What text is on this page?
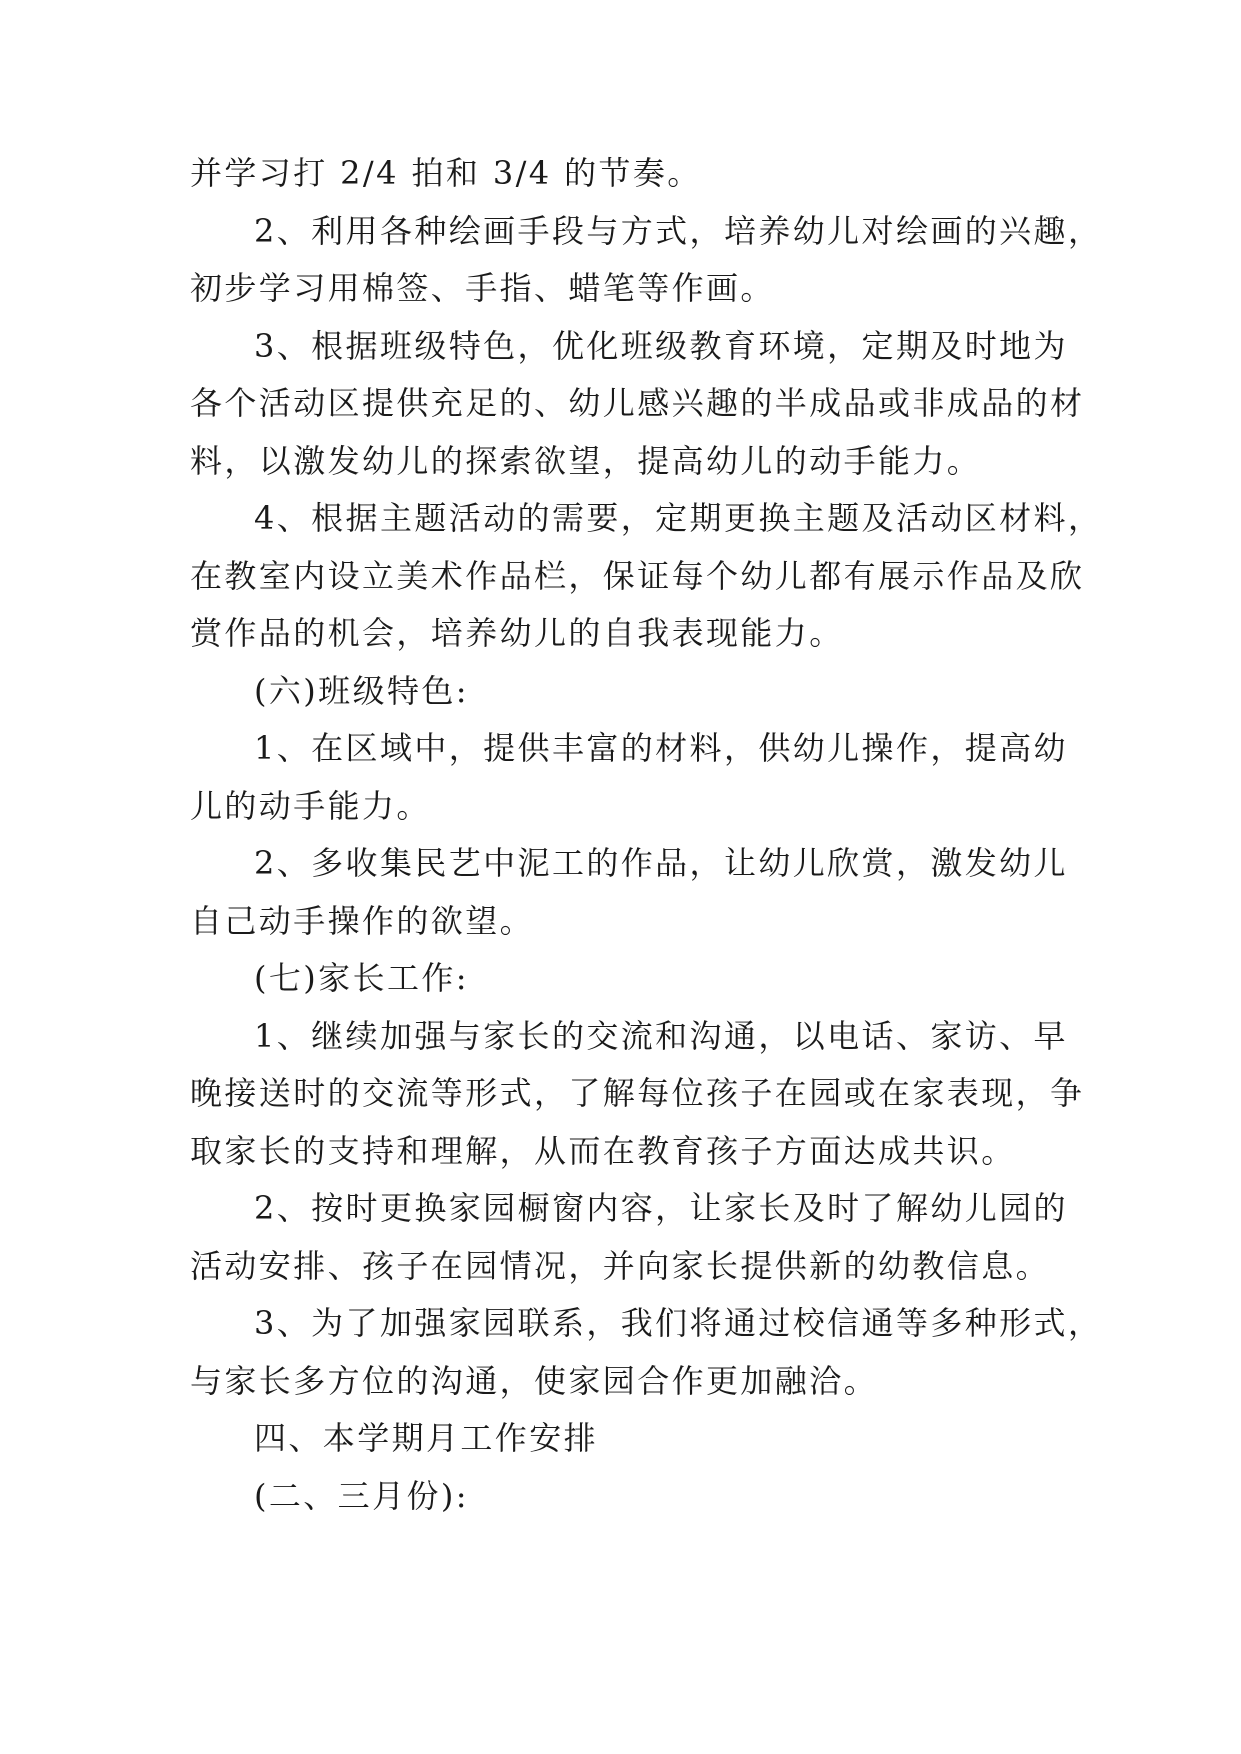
并学习打 2/4 拍和 3/4 的节奏。
2、利用各种绘画手段与方式，培养幼儿对绘画的兴趣，
初步学习用棉签、手指、蜡笔等作画。
3、根据班级特色，优化班级教育环境，定期及时地为
各个活动区提供充足的、幼儿感兴趣的半成品或非成品的材
料，以激发幼儿的探索欲望，提高幼儿的动手能力。
4、根据主题活动的需要，定期更换主题及活动区材料，
在教室内设立美术作品栏，保证每个幼儿都有展示作品及欣
赏作品的机会，培养幼儿的自我表现能力。
(六)班级特色:
1、在区域中，提供丰富的材料，供幼儿操作，提高幼
儿的动手能力。
2、多收集民艺中泥工的作品，让幼儿欣赏，激发幼儿
自己动手操作的欲望。
(七)家长工作:
1、继续加强与家长的交流和沟通，以电话、家访、早
晚接送时的交流等形式，了解每位孩子在园或在家表现，争
取家长的支持和理解，从而在教育孩子方面达成共识。
2、按时更换家园橱窗内容，让家长及时了解幼儿园的
活动安排、孩子在园情况，并向家长提供新的幼教信息。
3、为了加强家园联系，我们将通过校信通等多种形式，
与家长多方位的沟通，使家园合作更加融洽。
四、本学期月工作安排
(二、三月份):
